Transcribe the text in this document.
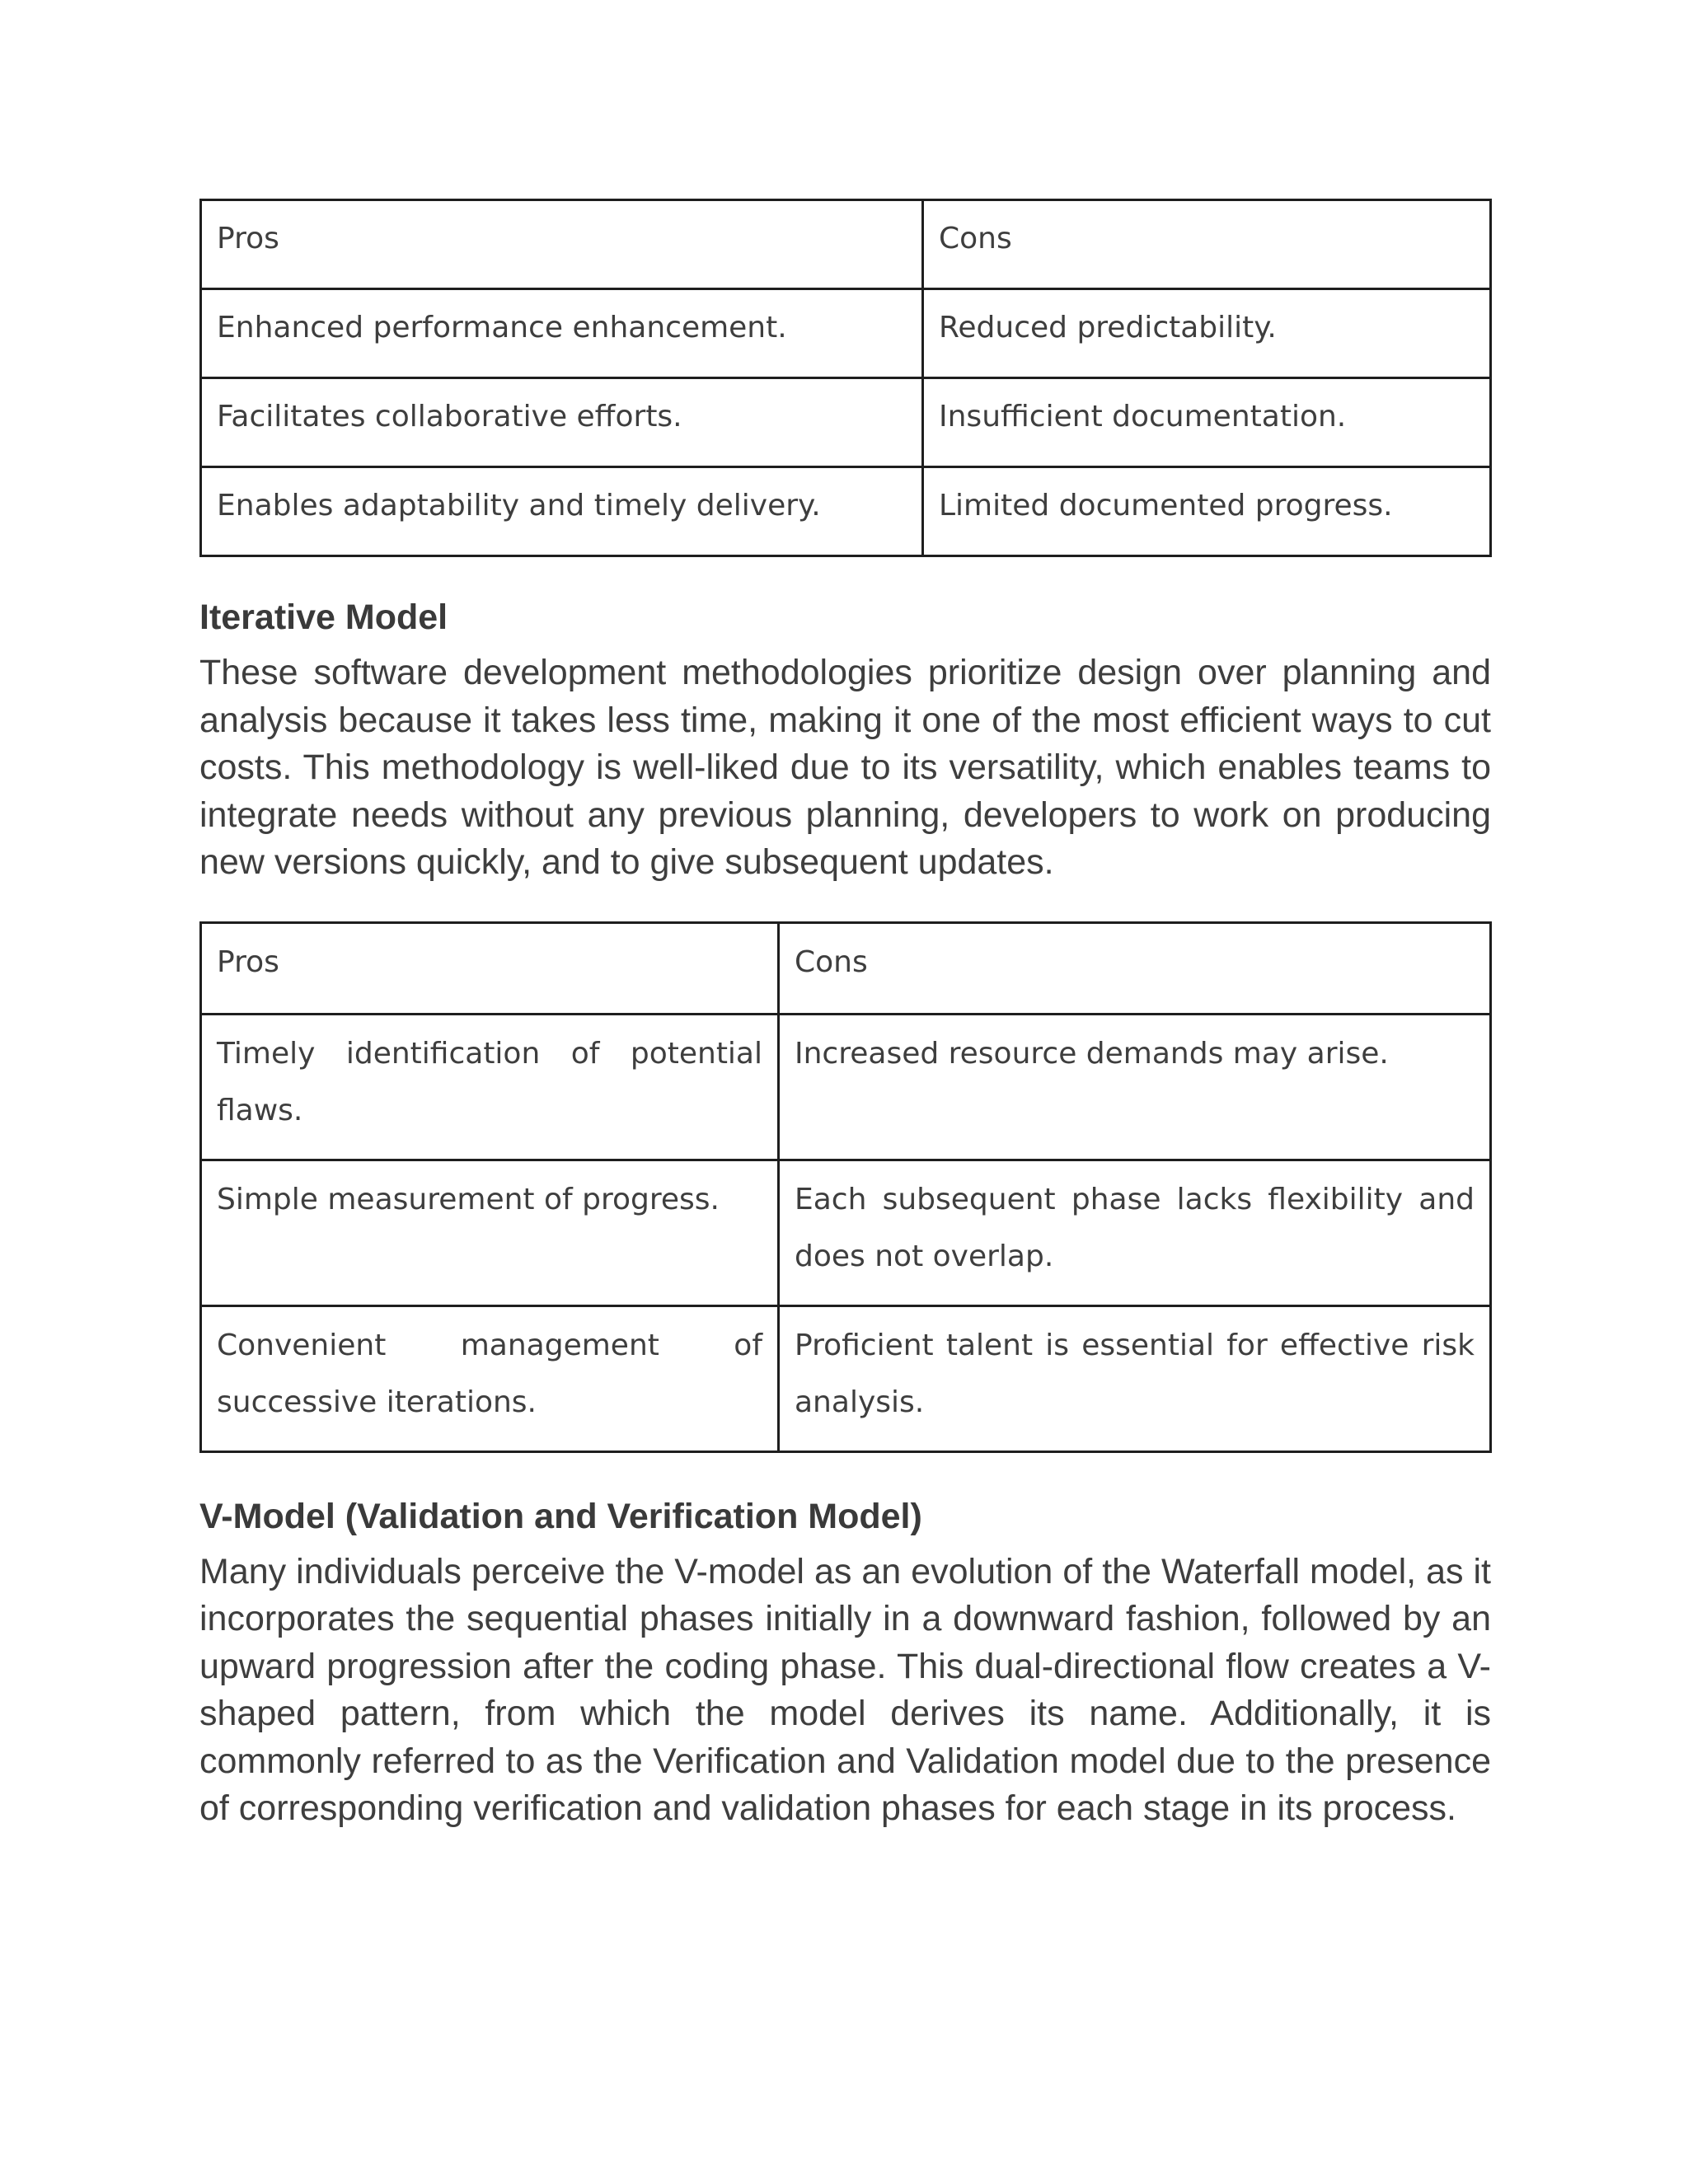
Pros	Cons
Enhanced performance enhancement.	Reduced predictability.
Facilitates collaborative efforts.	Insufficient documentation.
Enables adaptability and timely delivery.	Limited documented progress.
Iterative Model

These software development methodologies prioritize design over planning and analysis because it takes less time, making it one of the most efficient ways to cut costs. This methodology is well-liked due to its versatility, which enables teams to integrate needs without any previous planning, developers to work on producing new versions quickly, and to give subsequent updates.

Pros	Cons
Timely identification of potential flaws.	Increased resource demands may arise.
Simple measurement of progress.	Each subsequent phase lacks flexibility and does not overlap.
Convenient management of successive iterations.	Proficient talent is essential for effective risk analysis.
V-Model (Validation and Verification Model)

Many individuals perceive the V-model as an evolution of the Waterfall model, as it incorporates the sequential phases initially in a downward fashion, followed by an upward progression after the coding phase. This dual-directional flow creates a V-shaped pattern, from which the model derives its name. Additionally, it is commonly referred to as the Verification and Validation model due to the presence of corresponding verification and validation phases for each stage in its process.
